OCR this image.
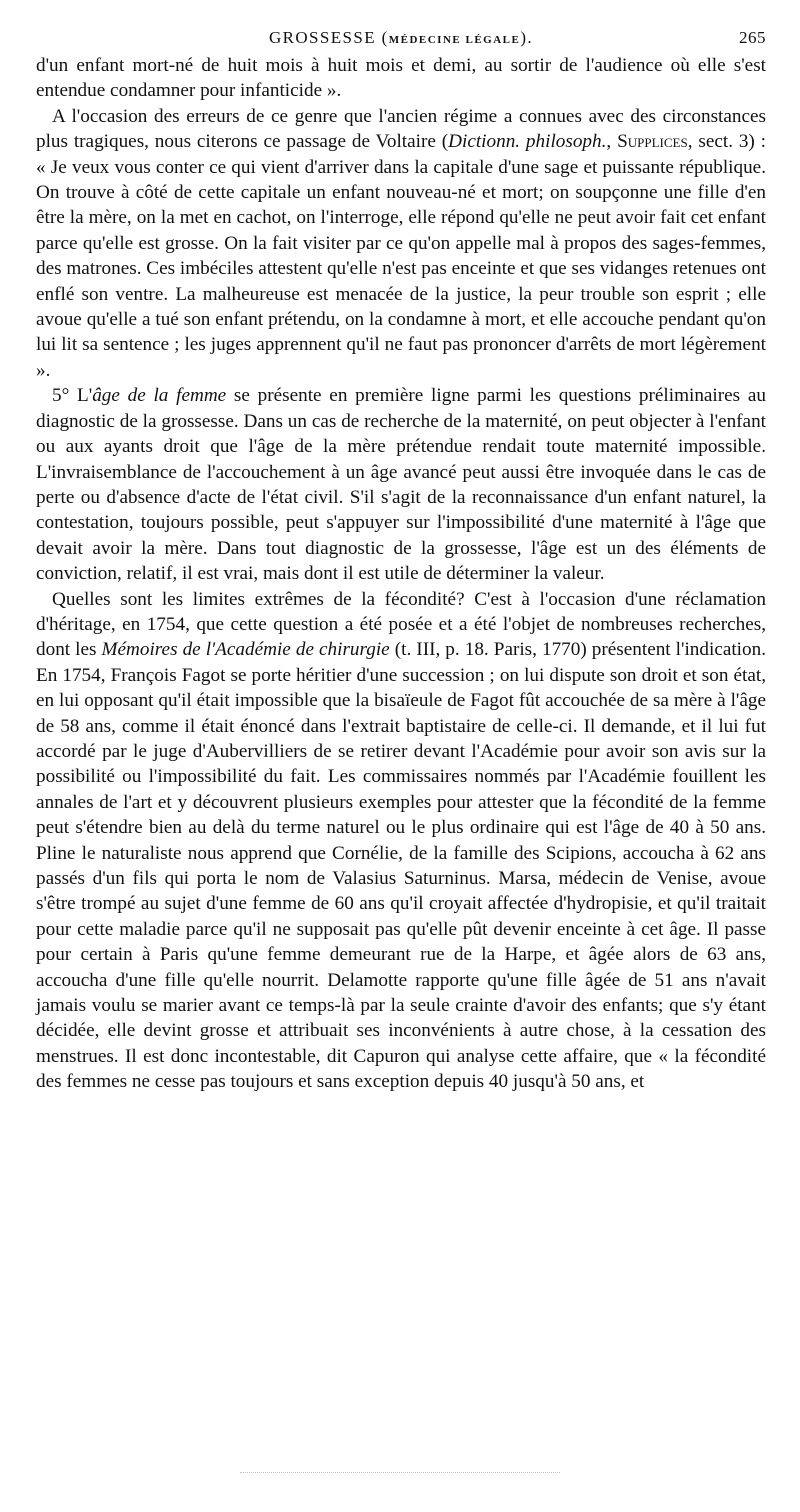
GROSSESSE (MÉDECINE LÉGALE).	265

d'un enfant mort-né de huit mois à huit mois et demi, au sortir de l'audience où elle s'est entendue condamner pour infanticide ».

A l'occasion des erreurs de ce genre que l'ancien régime a connues avec des circonstances plus tragiques, nous citerons ce passage de Voltaire (Dictionn. philosoph., Supplices, sect. 3) : « Je veux vous conter ce qui vient d'arriver dans la capitale d'une sage et puissante république. On trouve à côté de cette capitale un enfant nouveau-né et mort; on soupçonne une fille d'en être la mère, on la met en cachot, on l'interroge, elle répond qu'elle ne peut avoir fait cet enfant parce qu'elle est grosse. On la fait visiter par ce qu'on appelle mal à propos des sages-femmes, des matrones. Ces imbéciles attestent qu'elle n'est pas enceinte et que ses vidanges retenues ont enflé son ventre. La malheureuse est menacée de la justice, la peur trouble son esprit ; elle avoue qu'elle a tué son enfant prétendu, on la condamne à mort, et elle accouche pendant qu'on lui lit sa sentence ; les juges apprennent qu'il ne faut pas prononcer d'arrêts de mort légèrement ».

5° L'âge de la femme se présente en première ligne parmi les questions préliminaires au diagnostic de la grossesse. Dans un cas de recherche de la maternité, on peut objecter à l'enfant ou aux ayants droit que l'âge de la mère prétendue rendait toute maternité impossible. L'invraisemblance de l'accouchement à un âge avancé peut aussi être invoquée dans le cas de perte ou d'absence d'acte de l'état civil. S'il s'agit de la reconnaissance d'un enfant naturel, la contestation, toujours possible, peut s'appuyer sur l'impossibilité d'une maternité à l'âge que devait avoir la mère. Dans tout diagnostic de la grossesse, l'âge est un des éléments de conviction, relatif, il est vrai, mais dont il est utile de déterminer la valeur.

Quelles sont les limites extrêmes de la fécondité? C'est à l'occasion d'une réclamation d'héritage, en 1754, que cette question a été posée et a été l'objet de nombreuses recherches, dont les Mémoires de l'Académie de chirurgie (t. III, p. 18. Paris, 1770) présentent l'indication. En 1754, François Fagot se porte héritier d'une succession ; on lui dispute son droit et son état, en lui opposant qu'il était impossible que la bisaïeule de Fagot fût accouchée de sa mère à l'âge de 58 ans, comme il était énoncé dans l'extrait baptistaire de celle-ci. Il demande, et il lui fut accordé par le juge d'Aubervilliers de se retirer devant l'Académie pour avoir son avis sur la possibilité ou l'impossibilité du fait. Les commissaires nommés par l'Académie fouillent les annales de l'art et y découvrent plusieurs exemples pour attester que la fécondité de la femme peut s'étendre bien au delà du terme naturel ou le plus ordinaire qui est l'âge de 40 à 50 ans. Pline le naturaliste nous apprend que Cornélie, de la famille des Scipions, accoucha à 62 ans passés d'un fils qui porta le nom de Valasius Saturninus. Marsa, médecin de Venise, avoue s'être trompé au sujet d'une femme de 60 ans qu'il croyait affectée d'hydropisie, et qu'il traitait pour cette maladie parce qu'il ne supposait pas qu'elle pût devenir enceinte à cet âge. Il passe pour certain à Paris qu'une femme demeurant rue de la Harpe, et âgée alors de 63 ans, accoucha d'une fille qu'elle nourrit. Delamotte rapporte qu'une fille âgée de 51 ans n'avait jamais voulu se marier avant ce temps-là par la seule crainte d'avoir des enfants; que s'y étant décidée, elle devint grosse et attribuait ses inconvénients à autre chose, à la cessation des menstrues. Il est donc incontestable, dit Capuron qui analyse cette affaire, que « la fécondité des femmes ne cesse pas toujours et sans exception depuis 40 jusqu'à 50 ans, et
